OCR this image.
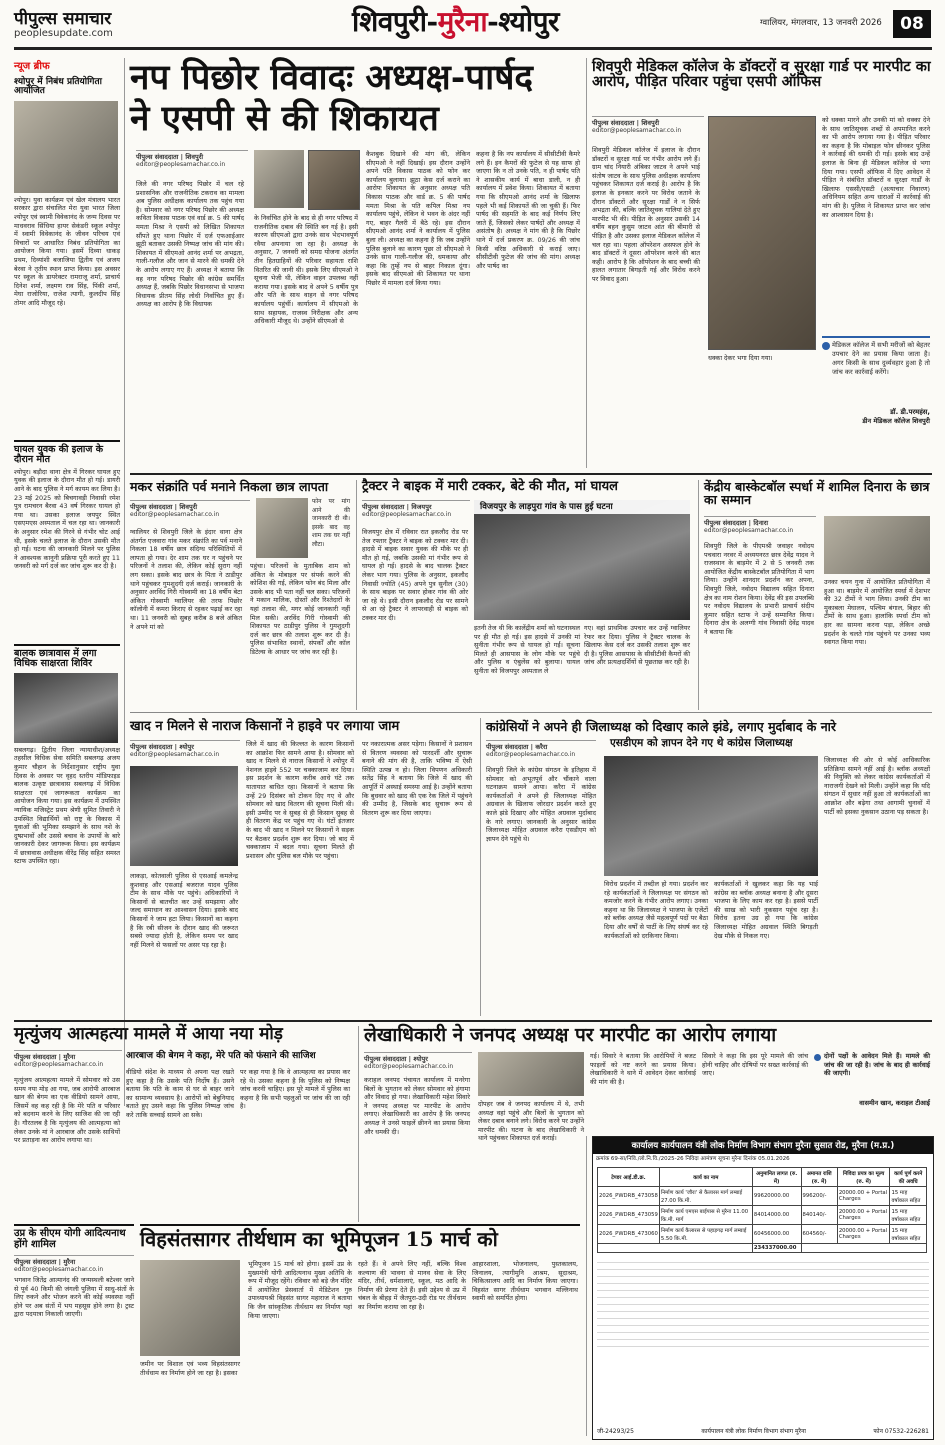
पीपुल्स समाचार
peoplesupdate.com	शिवपुरी-मुरैना-श्योपुर	ग्वालियर, मंगलवार, 13 जनवरी 2026	08
न्यूज ब्रीफ
श्योपुर में निबंध प्रतियोगिता आयोजित
श्योपुर। युवा कार्यक्रम एवं खेल मंत्रालय भारत सरकार द्वारा संचालित मेरा युवा भारत जिला श्योपुर एवं स्वामी विवेकानंद के जन्म दिवस पर माधवराव सिंधिया हायर सेकंडरी स्कूल श्योपुर में स्वामी विवेकानंद के जीवन परिचय एवं विचारों पर आधारित निबंध प्रतियोगिता का आयोजन किया गया। इसमें दिव्या धाकड़ प्रथम, दिव्यांशी बजाजिया द्वितीय एवं अजय बेरवा ने तृतीय स्थान प्राप्त किया। इस अवसर पर स्कूल के डायरेक्टर रामराजू शर्मा, प्राचार्य दिनेश शर्मा, लक्ष्मण राव सिंह, पिंकी शर्मा, मेघा राजोरिया, राजेश त्यागी, कुलदीप सिंह तोमर आदि मौजूद रहे।
घायल युवक की इलाज के दौरान मौत
श्योपुर। बड़ौदा थाना क्षेत्र में गिरकर घायल हुए युवक की इलाज के दौरान मौत हो गई। डायरी आने के बाद पुलिस ने मर्ग कायम कर लिया है। 23 मई 2025 को बिचगावड़ी निवासी रमेश पुत्र रामचरन बैरवा 43 वर्ष गिरकर घायल हो गया था। उसका इलाज जयपुर स्थित एसएमएस अस्पताल में चल रहा था। जानकारी के अनुसार रमेश की गिरने से गंभीर चोट आई थी, इसके चलते इलाज के दौरान उसकी मौत हो गई। घटना की जानकारी मिलने पर पुलिस ने आवश्यक कानूनी प्रक्रिया पूरी करते हुए 11 जनवरी को मर्ग दर्ज कर जांच शुरू कर दी है।
बालक छात्रावास में लगा विधिक साक्षरता शिविर
सबलगढ़। द्वितीय जिला न्यायाधीश/अध्यक्ष तहसील विधिक सेवा समिति सबलगढ़ अजय कुमार चौहान के निर्देशानुसार राष्ट्रीय युवा दिवस के अवसर पर वृहद स्तरीय मॉडिफाइड बालक उत्कृष्ट छात्रावास सबलगढ़ में विधिक साक्षरता एवं जागरूकता कार्यक्रम का आयोजन किया गया। इस कार्यक्रम में उपस्थित न्यायिक मजिस्ट्रेट प्रथम श्रेणी सुमित तिवारी ने उपस्थित विद्यार्थियों को राष्ट्र के विकास में युवाओं की भूमिका समझाने के साथ नशे के दुष्प्रभावों और उससे बचाव के उपायों के बारे जानकारी देकर जागरूक किया। इस कार्यक्रम में छात्रावास अधीक्षक वीरेंद्र सिंह सहित समस्त स्टाफ उपस्थित रहा।
नप पिछोर विवादः अध्यक्ष-पार्षद
ने एसपी से की शिकायत
पीपुल्स संवाददाता | शिवपुरी
editor@peoplesamachar.co.in
जिले की नगर परिषद पिछोर में चल रहे प्रशासनिक और राजनीतिक टकराव का मामला अब पुलिस अधीक्षक कार्यालय तक पहुंच गया है। सोमवार को नगर परिषद पिछोर की अध्यक्ष कविता विकास पाठक एवं वार्ड क्र. 5 की पार्षद ममता मिश्रा ने एसपी को लिखित शिकायत सौंपते हुए थाना पिछोर में दर्ज एफआईआर झूठी बताकर उसकी निष्पक्ष जांच की मांग की। शिकायत में सीएमओ आनंद शर्मा पर अभद्रता, गाली-गलौज और जान से मारने की धमकी देने के आरोप लगाए गए हैं। अध्यक्ष ने बताया कि वह नगर परिषद पिछोर की कांग्रेस समर्थित अध्यक्ष हैं, जबकि पिछोर विधानसभा से भाजपा विधायक प्रीतम सिंह लोधी निर्वाचित हुए हैं। अध्यक्ष का आरोप है कि विधायक
के निर्वाचित होने के बाद से ही नगर परिषद में राजनीतिक दबाव की स्थिति बन गई है। इसी कारण सीएमओ द्वारा उनके साथ भेदभावपूर्ण रवैया अपनाया जा रहा है। अध्यक्ष के अनुसार, 7 जनवरी को समग्र योजना अंतर्गत तीन हितग्राहियों की परिवार सहायता राशि वितरित की जानी थी। इसके लिए सीएमओ ने सूचना भेजी थी, लेकिन वाहन उपलब्ध नहीं कराया गया। इसके बाद वे अपने 5 वर्षीय पुत्र और पति के साथ वाहन से नगर परिषद कार्यालय पहुंचीं। कार्यालय में सीएमओ के साथ सहायक, राजस्व निरीक्षक और अन्य अधिकारी मौजूद थे। उन्होंने सीएमओ से
कैशबुक दिखाने की मांग की, लेकिन सीएमओ ने नहीं दिखाई। इस दौरान उन्होंने अपने पति विकास पाठक को फोन कर कार्यालय बुलाया। झूठा केस दर्ज कराने का आरोपः शिकायत के अनुसार अध्यक्ष पति विकास पाठक और वार्ड क्र. 5 की पार्षद ममता मिश्रा के पति कपिल मिश्रा नप कार्यालय पहुंचे, लेकिन वे भवन के अंदर नहीं गए, बाहर गैलरी में बैठे रहे। इस दौरान सीएमओ आनंद शर्मा ने कार्यालय में पुलिस बुला ली। अध्यक्ष का कहना है कि जब उन्होंने पुलिस बुलाने का कारण पूछा तो सीएमओ ने उनके साथ गाली-गलौज की, धमकाया और कहा कि तुम्हें नप से बाहर निकाल दूंगा। इसके बाद सीएमओ की शिकायत पर थाना पिछोर में मामला दर्ज किया गया।
कहना है कि नप कार्यालय में सीसीटीवी कैमरे लगे हैं। इन कैमरों की फुटेज से यह साफ हो जाएगा कि न तो उनके पति, न ही पार्षद पति ने शासकीय कार्य में बाधा डाली, न ही कार्यालय में प्रवेश किया। शिकायत में बताया गया कि सीएमओ आनंद शर्मा के खिलाफ पहले भी कई शिकायतें की जा चुकी हैं। फिर पार्षद की सहमति के बाद कई निर्णय लिए जाते हैं, जिसको लेकर पार्षदों और अध्यक्ष में असंतोष है। अध्यक्ष ने मांग की है कि पिछोर थाने में दर्ज प्रकरण क्र. 09/26 की जांच किसी वरिष्ठ अधिकारी से कराई जाए। सीसीटीवी फुटेज की जांच की मांग। अध्यक्ष और पार्षद का
शिवपुरी मेडिकल कॉलेज के डॉक्टरों व सुरक्षा गार्ड पर मारपीट का आरोप, पीड़ित परिवार पहुंचा एसपी ऑफिस
पीपुल्स संवाददाता | शिवपुरी
editor@peoplesamachar.co.in
शिवपुरी मेडिकल कॉलेज में इलाज के दौरान डॉक्टरों व सुरक्षा गार्ड पर गंभीर आरोप लगे हैं। ग्राम चांद नियारी अंबिका जाटव ने अपने भाई संतोष जाटव के साथ पुलिस अधीक्षक कार्यालय पहुंचकर शिकायत दर्ज कराई है। आरोप है कि इलाज के इनकार करने पर विरोध जताने के दौरान डॉक्टरों और सुरक्षा गार्डों ने न सिर्फ अभद्रता की, बल्कि जातिसूचक गालियां देते हुए मारपीट भी की। पीड़ित के अनुसार उसकी 14 वर्षीय बहन कुसुम जाटव आंत की बीमारी से पीड़ित है और उसका इलाज मेडिकल कॉलेज में चल रहा था। पहला ऑपरेशन असफल होने के बाद डॉक्टरों ने दूसरा ऑपरेशन करने की बात कही। आरोप है कि ऑपरेशन के बाद बच्ची की हालत लगातार बिगड़ती गई और विरोध करने पर विवाद हुआ।
धक्का देकर भगा दिया गया।
को धक्का मारने और उनकी मां को धक्का देने के साथ जातिसूचक शब्दों से अपमानित करने का भी आरोप लगाया गया है। पीड़ित परिवार का कहना है कि मोबाइल फोन छीनकर पुलिस ने कार्रवाई की धमकी दी गई। इसके बाद उन्हें इलाज के बिना ही मेडिकल कॉलेज से भगा दिया गया। एसपी ऑफिस में दिए आवेदन में पीड़ित ने संबंधित डॉक्टरों व सुरक्षा गार्डों के खिलाफ एससी/एसटी (अत्याचार निवारण) अधिनियम सहित अन्य धाराओं में कार्रवाई की मांग की है। पुलिस ने शिकायत प्राप्त कर जांच का आश्वासन दिया है।
मेडिकल कॉलेज में सभी मरीजों को बेहतर उपचार देने का प्रयास किया जाता है। अगर किसी के साथ दुर्व्यवहार हुआ है तो जांच कर कार्रवाई करेंगे।
डॉ. डी.परमहंस,
डीन मेडिकल कॉलेज शिवपुरी
मकर संक्रांति पर्व मनाने निकला छात्र लापता
पीपुल्स संवाददाता | शिवपुरी
editor@peoplesamachar.co.in
फोन पर मांग आने की जानकारी दी थी। इसके बाद वह शाम तक घर नहीं लौटा।
ग्वालियर से शिवपुरी जिले के इंदार थाना क्षेत्र अंतर्गत एजवारा गांव मकर संक्रांति का पर्व मनाने निकला 18 वर्षीय छात्र संदिग्ध परिस्थितियों में लापता हो गया। देर शाम तक घर न पहुंचने पर परिजनों ने तलाश की, लेकिन कोई सुराग नहीं लग सका। इसके बाद छात्र के पिता ने ठाडीपुर थाने पहुंचकर गुमशुदगी दर्ज कराई। जानकारी के अनुसार अरविंद गिरी गोस्वामी का 18 वर्षीय बेटा अंकित गोस्वामी ग्वालियर की तरफ पिछोर कॉलोनी में कमरा किराए से रहकर पढ़ाई कर रहा था। 11 जनवरी को सुबह करीब 8 बजे अंकित ने अपने मां को
पहुंचा। परिजनों के मुताबिक शाम को अंकित के मोबाइल पर संपर्क करने की कोशिश की गई, लेकिन फोन बंद मिला और उसके बाद भी पता नहीं चल सका। परिजनों ने मकान मालिक, दोस्तों और रिश्तेदारों के यहां तलाश की, मगर कोई जानकारी नहीं मिल सकी। अरविंद गिरी गोस्वामी की शिकायत पर ठाडीपुर पुलिस ने गुमशुदगी दर्ज कर छात्र की तलाश शुरू कर दी है। पुलिस संभावित स्थानों, संपर्कों और कॉल डिटेल्स के आधार पर जांच कर रही है।
ट्रैक्टर ने बाइक में मारी टक्कर, बेटे की मौत, मां घायल
पीपुल्स संवाददाता | विजयपुर
editor@peoplesamachar.co.in
विजयपुर क्षेत्र में रविवार रात इकलौद रोड पर तेज रफ्तार ट्रैक्टर ने बाइक को टक्कर मार दी। हादसे में बाइक सवार युवक की मौके पर ही मौत हो गई, जबकि उसकी मां गंभीर रूप से घायल हो गई। हादसे के बाद चालक ट्रैक्टर लेकर भाग गया। पुलिस के अनुसार, इकलौद निवासी ज्योति (45) अपने पुत्र सुनील (30) के साथ बाइक पर सवार होकर गांव की ओर जा रहे थे। इसी दौरान इकलौद रोड पर सामने से आ रहे ट्रैक्टर ने लापरवाही से बाइक को टक्कर मार दी।
विजयपुर के लाड़पुरा गांव के पास हुई घटना
इतनी तेज थी कि कालेंद्रीय शर्मा को घटनास्थल पर ही मौत हो गई। इस हादसे में उनकी मां सुनीता गंभीर रूप से घायल हो गईं। सूचना मिलते ही आसपास के लोग मौके पर पहुंचे और पुलिस व एंबुलेंस को बुलाया। घायल सुनीता को विजयपुर अस्पताल ले
गए। वहां प्राथमिक उपचार कर उन्हें ग्वालियर रेफर कर दिया। पुलिस ने ट्रैक्टर चालक के खिलाफ केस दर्ज कर उसकी तलाश शुरू कर दी है। पुलिस आसपास के सीसीटीवी कैमरों की जांच और प्रत्यक्षदर्शियों से पूछताछ कर रही है।
केंद्रीय बास्केटबॉल स्पर्धा में शामिल दिनारा के छात्र का सम्मान
पीपुल्स संवाददाता | दिनारा
editor@peoplesamachar.co.in
शिवपुरी जिले के पीएमश्री जवाहर नवोदय पचवारा नरवर में अध्ययनरत छात्र देवेंद्र यादव ने राजस्थान के बाड़मेर में 2 से 5 जनवरी तक आयोजित केंद्रीय बास्केटबॉल प्रतियोगिता में भाग लिया। उन्होंने शानदार प्रदर्शन कर अपना, शिवपुरी जिले, नवोदय विद्यालय सहित दिनारा क्षेत्र का नाम रोशन किया। देवेंद्र की इस उपलब्धि पर नवोदय विद्यालय के प्रभारी प्राचार्य संदीप कुमार सहित स्टाफ ने उन्हें सम्मानित किया। दिनारा क्षेत्र के अलग्गी गांव निवासी देवेंद्र यादव ने बताया कि
उनका चयन गुना में आयोजित प्रतियोगिता में हुआ था। बाड़मेर में आयोजित स्पर्धा में देशभर की 32 टीमों ने भाग लिया। उनकी टीम का मुकाबला मेघालय, पश्चिम बंगाल, बिहार की टीमों के साथ हुआ। हालांकि स्पर्धा टीम को हार का सामना करना पड़ा, लेकिन अच्छे प्रदर्शन के चलते गांव पहुंचने पर उनका भव्य स्वागत किया गया।
खाद न मिलने से नाराज किसानों ने हाइवे पर लगाया जाम
पीपुल्स संवाददाता | श्योपुर
editor@peoplesamachar.co.in
जिले में खाद की किल्लत के कारण किसानों का आक्रोश फिर सामने आया है। सोमवार को खाद न मिलने से नाराज किसानों ने श्योपुर में नेशनल हाइवे 552 पर चक्काजाम कर दिया। इस प्रदर्शन के कारण करीब आधे घंटे तक यातायात बाधित रहा। किसानों ने बताया कि उन्हें 29 दिसंबर को टोकन दिए गए थे और सोमवार को खाद वितरण की सूचना मिली थी। इसी उम्मीद पर वे सुबह से ही किसान सुबह से ही वितरण केंद्र पर पहुंच गए थे। घंटों इंतजार के बाद भी खाद न मिलने पर किसानों ने सड़क पर बैठकर प्रदर्शन शुरू कर दिया। जो बाद में चक्काजाम में बदल गया। सूचना मिलते ही प्रशासन और पुलिस बल मौके पर पहुंचा।
लाकड़ा, कोतवाली पुलिस से एसआई कमलेन्द्र कुशवाह और एसआई बजराज यादव पुलिस टीम के साथ मौके पर पहुंचे। अधिकारियों ने किसानों से बातचीत कर उन्हें समझाया और जल्द समाधान का आश्वासन दिया। इसके बाद किसानों ने जाम हटा लिया। किसानों का कहना है कि रबी सीजन के दौरान खाद की जरूरत सबसे ज्यादा होती है, लेकिन समय पर खाद नहीं मिलने से फसलों पर असर पड़ रहा है।
पर नकारात्मक असर पड़ेगा। किसानों ने प्रशासन से वितरण व्यवस्था को पारदर्शी और सुचारू बनाने की मांग की है, ताकि भविष्य में ऐसी स्थिति उत्पन्न न हो। जिला विपणन अधिकारी सतेंद्र सिंह ने बताया कि जिले में खाद की आपूर्ति में अस्थाई समस्या आई है। उन्होंने बताया कि बुधवार को खाद की एक रेक जिले में पहुंचने की उम्मीद है, जिसके बाद सुचारू रूप से वितरण शुरू कर दिया जाएगा।
कांग्रेसियों ने अपने ही जिलाध्यक्ष को दिखाए काले झंडे, लगाए मुर्दाबाद के नारे
पीपुल्स संवाददाता | करैरा
editor@peoplesamachar.co.in
एसडीएम को ज्ञापन देने गए थे कांग्रेस जिलाध्यक्ष
शिवपुरी जिले के कांग्रेस संगठन के इतिहास में सोमवार को अभूतपूर्व और चौंकाने वाला घटनाक्रम सामने आया। करैरा में कांग्रेस कार्यकर्ताओं ने अपने ही जिलाध्यक्ष मोहित अग्रवाल के खिलाफ जोरदार प्रदर्शन करते हुए काले झंडे दिखाए और मोहित अग्रवाल मुर्दाबाद के नारे लगाए। जानकारी के अनुसार कांग्रेस जिलाध्यक्ष मोहित अग्रवाल करैरा एसडीएम को ज्ञापन देने पहुंचे थे।
विरोध प्रदर्शन में तब्दील हो गया। प्रदर्शन कर रहे कार्यकर्ताओं ने जिलाध्यक्ष पर संगठन को कमजोर करने के गंभीर आरोप लगाए। उनका कहना था कि जिलाध्यक्ष ने भाजपा के एजेंटों को ब्लॉक अध्यक्ष जैसे महत्वपूर्ण पदों पर बैठा दिया और वर्षों से पार्टी के लिए संघर्ष कर रहे कार्यकर्ताओं को दरकिनार किया।
कार्यकर्ताओं ने खुलकर कहा कि यह भाई कांग्रेस का ब्लॉक अध्यक्ष बनाना है और दूसरा भाजपा के लिए काम कर रहा है। इससे पार्टी की साख को भारी नुकसान पहुंच रहा है। विरोध इतना उग्र हो गया कि कांग्रेस जिलाध्यक्ष मोहित अग्रवाल स्थिति बिगड़ती देख मौके से निकल गए।
जिलाध्यक्ष की ओर से कोई आधिकारिक प्रतिक्रिया सामने नहीं आई है। ब्लॉक अध्यक्षों की नियुक्ति को लेकर कांग्रेस कार्यकर्ताओं में नाराजगी देखने को मिली। उन्होंने कहा कि यदि संगठन में सुधार नहीं हुआ तो कार्यकर्ताओं का आक्रोश और बढ़ेगा तथा आगामी चुनावों में पार्टी को इसका नुकसान उठाना पड़ सकता है।
मृत्युंजय आत्महत्या मामले में आया नया मोड़
पीपुल्स संवाददाता | मुरैना
editor@peoplesamachar.co.in
आरबाज की बेगम ने कहा, मेरे पति को फंसाने की साजिश
मृत्युंजय आत्महत्या मामले में सोमवार को उस समय नया मोड़ आ गया, जब आरोपी आरबाज खान की बेगम का एक वीडियो सामने आया, जिसमें वह कह रही है कि मेरे पति व परिवार को बदनाम करने के लिए साजिश की जा रही है। गौरतलब है कि मृत्युंजय की आत्महत्या को लेकर उनके मां ने आरबाज और उसके साथियों पर प्रताड़ना का आरोप लगाया था।
वीडियो संदेश के माध्यम से अपना पक्ष रखते हुए कहा है कि उसके पति निर्दोष हैं। उसने बताया कि पति के काम से घर से बाहर जाने का सामान्य व्यवसाय है। आरोपों को बेबुनियाद बताते हुए उसने कहा कि पुलिस निष्पक्ष जांच करे ताकि सच्चाई सामने आ सके।
पर कहा गया है कि वे आत्महत्या का प्रयास कर रहे थे। उसका कहना है कि पुलिस को निष्पक्ष जांच करनी चाहिए। इस पूरे मामले में पुलिस का कहना है कि सभी पहलुओं पर जांच की जा रही है।
लेखाधिकारी ने जनपद अध्यक्ष पर मारपीट का आरोप लगाया
पीपुल्स संवाददाता | श्योपुर
editor@peoplesamachar.co.in
कराहल जनपद पंचायत कार्यालय में मनरेगा बिलों के भुगतान को लेकर सोमवार को हंगामा और विवाद हो गया। लेखाधिकारी महेश सिवारे ने जनपद अध्यक्ष पर मारपीट के आरोप लगाए। लेखाधिकारी का आरोप है कि जनपद अध्यक्ष ने उनसे फाइलें छीनने का प्रयास किया और धमकी दी।
दोपहर जब वे जनपद कार्यालय में थे, तभी अध्यक्ष वहां पहुंचे और बिलों के भुगतान को लेकर दबाव बनाने लगे। विरोध करने पर उन्होंने मारपीट की। घटना के बाद लेखाधिकारी ने थाने पहुंचकर शिकायत दर्ज कराई।
गई। सिवारे ने बताया कि आरोपियों ने बजट फाइलों को नष्ट करने का प्रयास किया। लेखाधिकारी ने थाने में आवेदन देकर कार्रवाई की मांग की है।
सिवारे ने कहा कि इस पूरे मामले की जांच होनी चाहिए और दोषियों पर सख्त कार्रवाई की जाए।
दोनों पक्षों के आवेदन मिले हैं। मामले की जांच की जा रही है। जांच के बाद ही कार्रवाई की जाएगी।
वासमीन खान, कराहल टीआई
उप्र के सीएम योगी आदित्यनाथ होंगे शामिल
पीपुल्स संवाददाता | मुरैना
editor@peoplesamachar.co.in
भगवान जितेंद्र आत्मानंद की जन्मस्थली बटेश्वर जाने से पूर्व 40 किमी की जंगली पुलिया में साधु-संतों के लिए रुकने और भोजन करने की कोई व्यवस्था नहीं होने पर अब संतों में भय महसूस होने लगा है। ट्रस्ट द्वारा पदयात्रा निकाली जाएगी।
विहसंतसागर तीर्थधाम का भूमिपूजन 15 मार्च को
जमीन पर विशाल एवं भव्य विहसंतसागर तीर्थधाम का निर्माण होने जा रहा है। इसका
भूमिपूजन 15 मार्च को होगा। इसमें उप्र के मुख्यमंत्री योगी आदित्यनाथ मुख्य अतिथि के रूप में मौजूद रहेंगे। रविवार को बड़े जैन मंदिर में आयोजित प्रेसवार्ता में मेडिटेशन गुरु उपाध्यायश्री विहसंत सागर महाराज ने बताया कि जैन सांस्कृतिक तीर्थधाम का निर्माण यहां किया जाएगा।
रहते हैं। वे अपने लिए नहीं, बल्कि विश्व कल्याण की भावना से मानव सेवा के लिए मंदिर, तीर्थ, धर्मशालाएं, स्कूल, मठ आदि के निर्माण की प्रेरणा देते हैं। इसी उद्देश्य से उप्र में चंबल के बीहड़ में जैतपुरा-उदी रोड पर तीर्थधाम का निर्माण कराया जा रहा है।
आहारशाला, भोजनालय, पुस्तकालय, जिनालय, त्यागीमुनि आश्रम, सूदाश्रम, चिकित्सालय आदि का निर्माण किया जाएगा। विहसंत सागर तीर्थधाम भगवान मल्लिनाथ स्वामी को समर्पित होगा।
कार्यालय कार्यपालन यंत्री लोक निर्माण विभाग संभाग मुरैना सुसात रोड, मुरैना (म.प्र.)
क्रमांक 69-सा/निवि./लो.नि.वि./2025-26 निविदा आमंत्रण सूचना मुरैना दिनांक 05.01.2026
टेण्डर आई.डी.क्र.	कार्य का नाम	अनुमानित लागत (रु. में)	अमानत राशि (रु. में)	निविदा प्रपत्र का मूल्य (रु. में)	कार्य पूर्ण करने की अवधि
2026_PWDRB_473058	निर्माण कार्य 'जौरा' से कैलारस मार्ग लम्बाई 27.00 कि.मी.	99620000.00	996200/-	20000.00 + Portal Charges	15 माह वर्षाकाल सहित
2026_PWDRB_473059	निर्माण कार्य एमएस बाईपास से मुरैना 11.00 कि.मी. मार्ग	84014000.00	840140/-	20000.00 + Portal Charges	15 माह वर्षाकाल सहित
2026_PWDRB_473060	निर्माण कार्य कैलारस से पहाड़गढ़ मार्ग लम्बाई 5.50 कि.मी.	60456000.00	604560/-	20000.00 + Portal Charges	15 माह वर्षाकाल सहित
		234337000.00			
जी-24293/25	कार्यपालन यंत्री लोक निर्माण विभाग संभाग मुरैना	फोन 07532-226281
